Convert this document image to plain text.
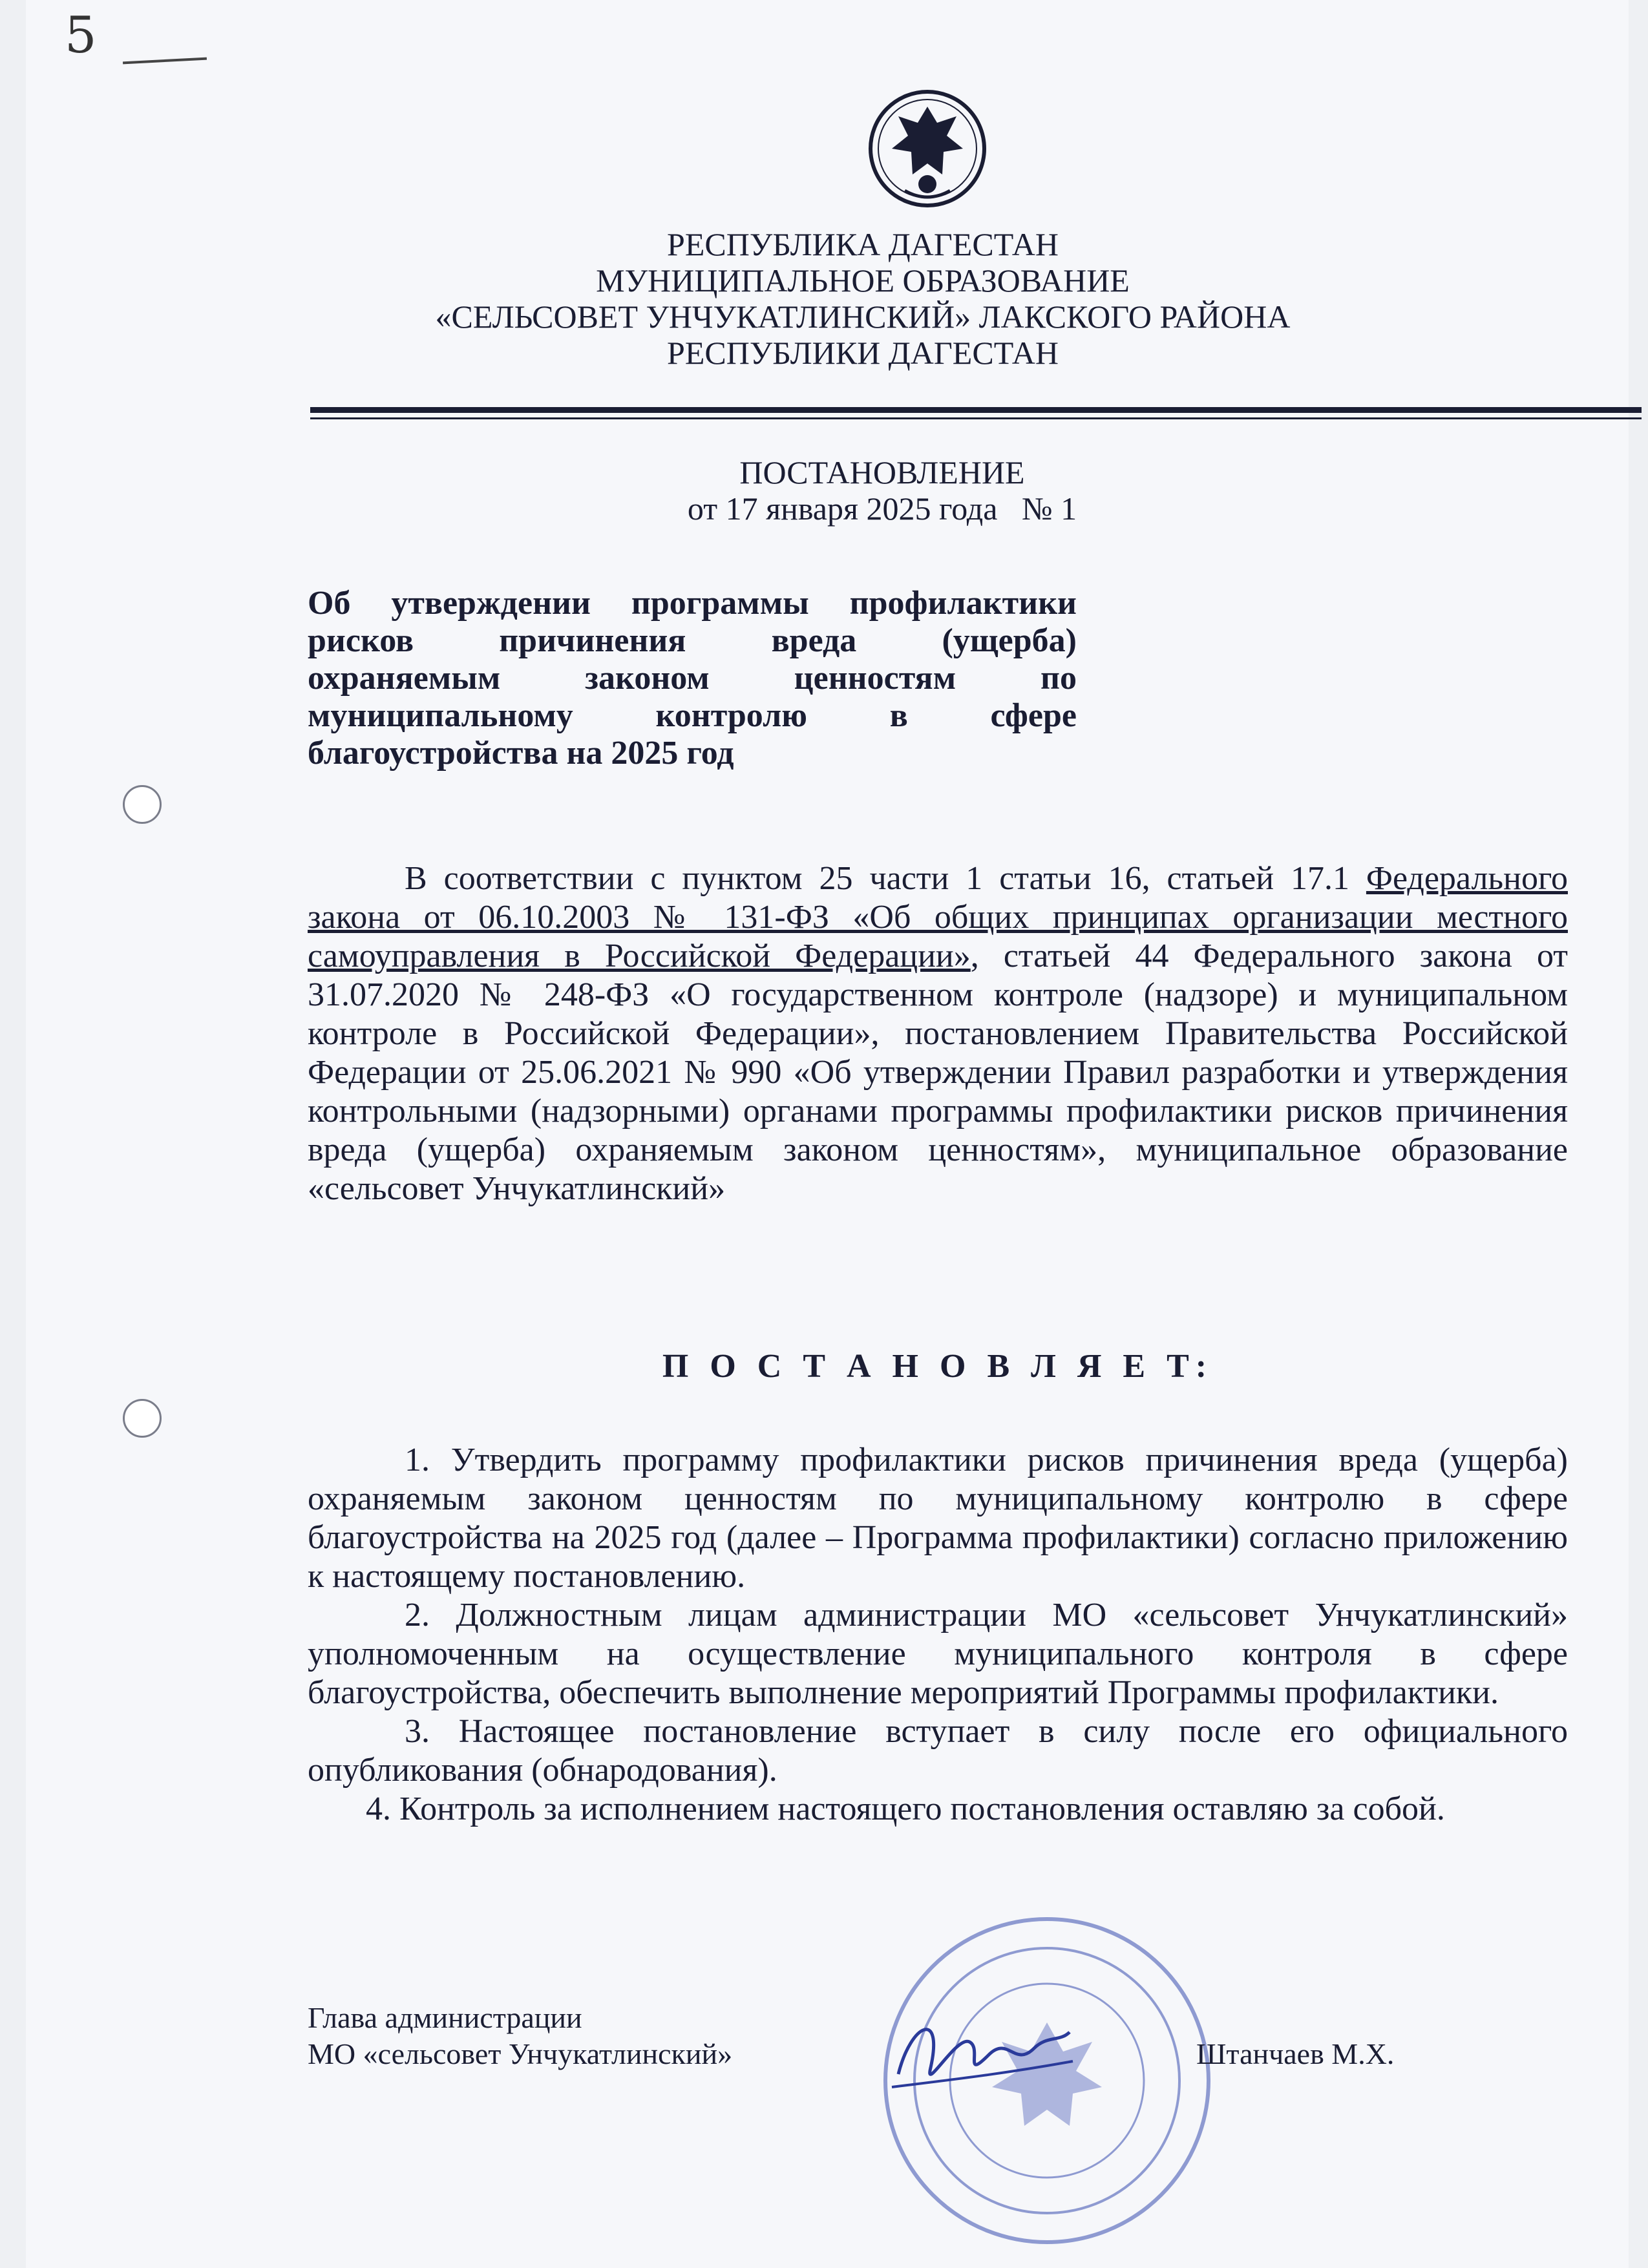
5
РЕСПУБЛИКА ДАГЕСТАН
МУНИЦИПАЛЬНОЕ ОБРАЗОВАНИЕ
«СЕЛЬСОВЕТ УНЧУКАТЛИНСКИЙ» ЛАКСКОГО РАЙОНА
РЕСПУБЛИКИ ДАГЕСТАН
ПОСТАНОВЛЕНИЕ
от 17 января 2025 года   № 1
Об утверждении программы профилактики
рисков причинения вреда (ущерба)
охраняемым законом ценностям по
муниципальному контролю в сфере
благоустройства на 2025 год

В соответствии с пунктом 25 части 1 статьи 16, статьей 17.1 Федерального закона от 06.10.2003 № 131-ФЗ «Об общих принципах организации местного самоуправления в Российской Федерации», статьей 44 Федерального закона от 31.07.2020 № 248-ФЗ «О государственном контроле (надзоре) и муниципальном контроле в Российской Федерации», постановлением Правительства Российской Федерации от 25.06.2021 № 990 «Об утверждении Правил разработки и утверждения контрольными (надзорными) органами программы профилактики рисков причинения вреда (ущерба) охраняемым законом ценностям», муниципальное образование «сельсовет Унчукатлинский»

П О С Т А Н О В Л Я Е Т:

1. Утвердить программу профилактики рисков причинения вреда (ущерба) охраняемым законом ценностям по муниципальному контролю в сфере благоустройства на 2025 год (далее – Программа профилактики) согласно приложению к настоящему постановлению.

2. Должностным лицам администрации МО «сельсовет Унчукатлинский» уполномоченным на осуществление муниципального контроля в сфере благоустройства, обеспечить выполнение мероприятий Программы профилактики.

3. Настоящее постановление вступает в силу после его официального опубликования (обнародования).

4. Контроль за исполнением настоящего постановления оставляю за собой.

Глава администрации
МО «сельсовет Унчукатлинский»	Штанчаев М.Х.
